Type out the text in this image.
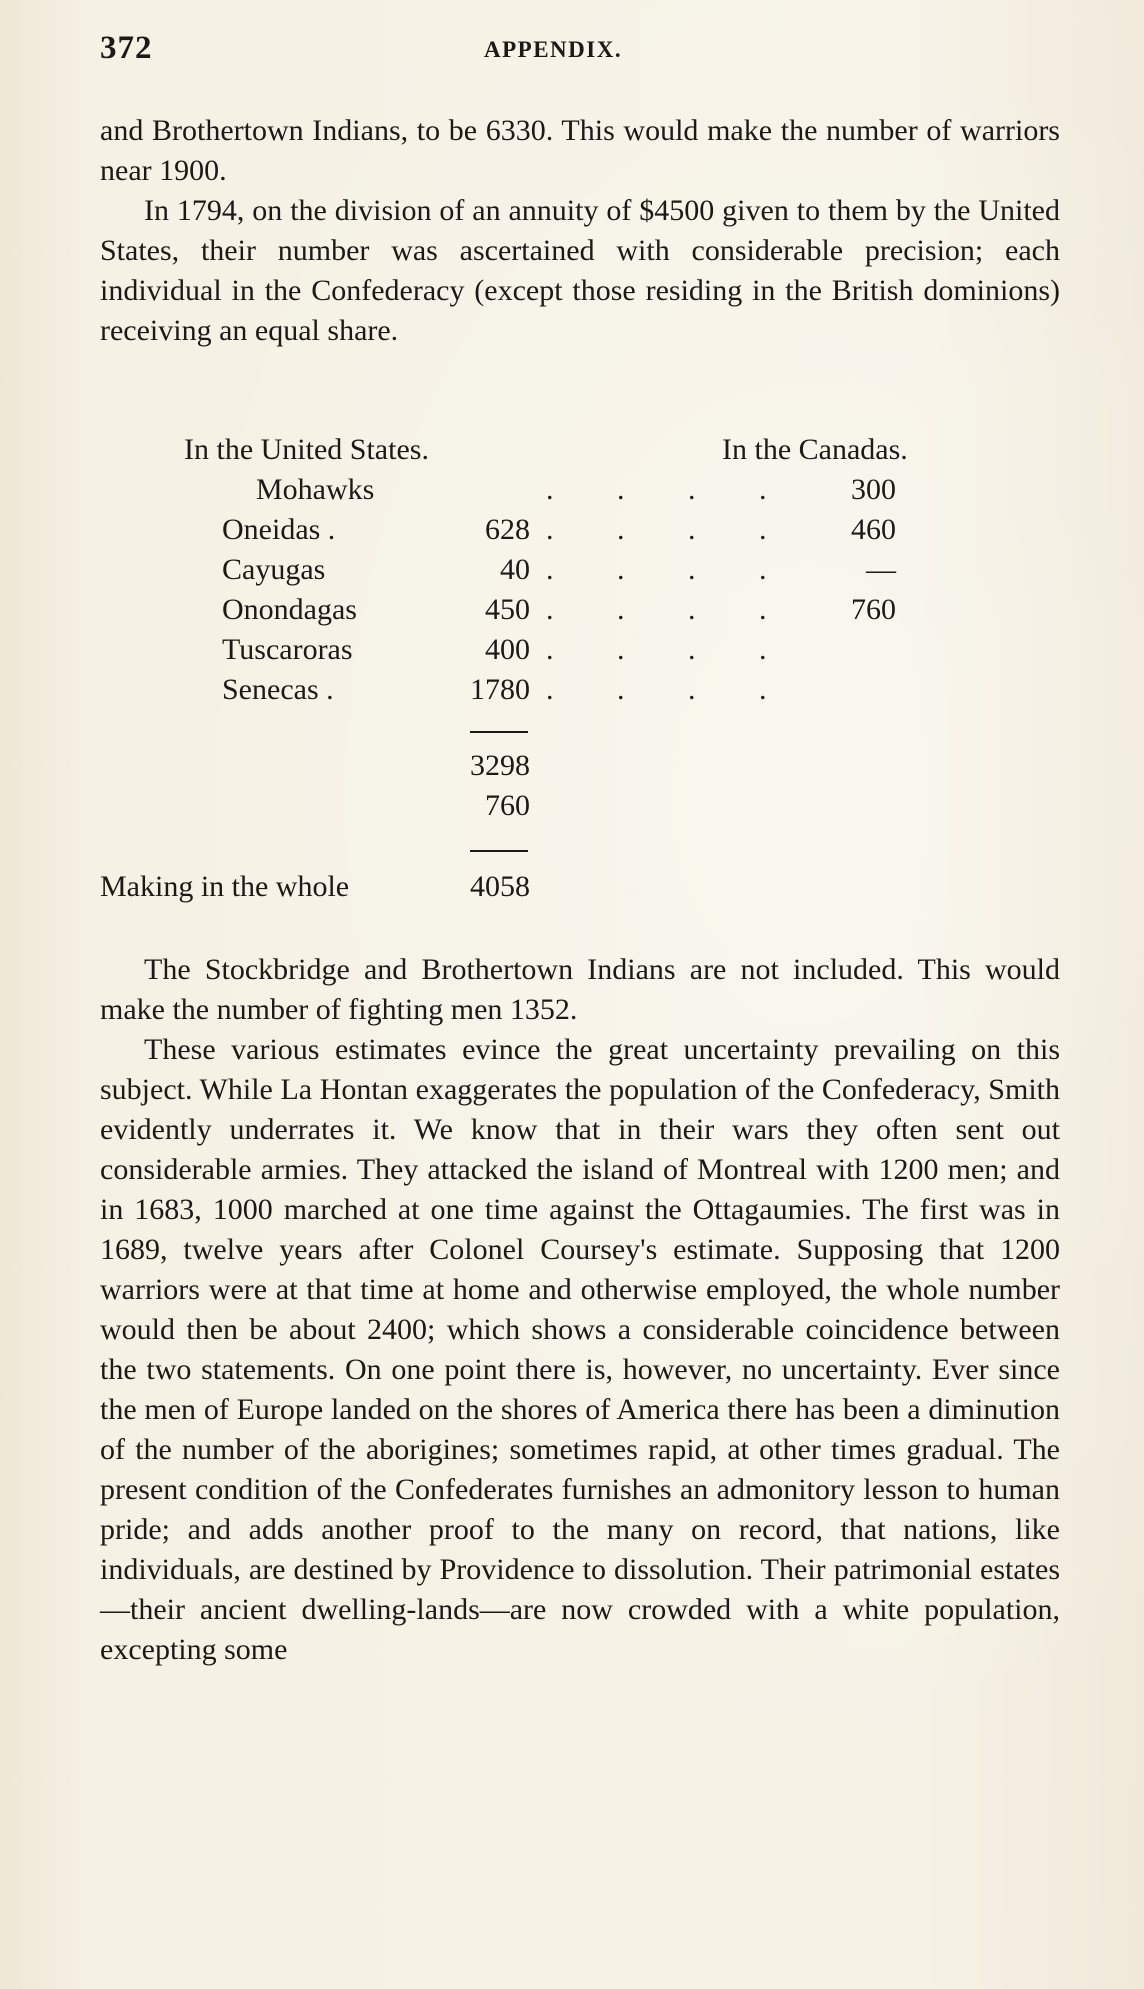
372	APPENDIX.

and Brothertown Indians, to be 6330. This would make the number of warriors near 1900.

In 1794, on the division of an annuity of $4500 given to them by the United States, their number was ascertained with considerable precision; each individual in the Confederacy (except those residing in the British dominions) receiving an equal share.

In the United States.	In the Canadas.
Mohawks	. . . . 300
Oneidas .	628 . . . . 460
Cayugas	40 . . . . —
Onondagas	450 . . . . 760
Tuscaroras	400 . . . .
Senecas .	1780 . . . .
3298
760
Making in the whole	4058

The Stockbridge and Brothertown Indians are not included. This would make the number of fighting men 1352.

These various estimates evince the great uncertainty prevailing on this subject. While La Hontan exaggerates the population of the Confederacy, Smith evidently underrates it. We know that in their wars they often sent out considerable armies. They attacked the island of Montreal with 1200 men; and in 1683, 1000 marched at one time against the Ottagaumies. The first was in 1689, twelve years after Colonel Coursey's estimate. Supposing that 1200 warriors were at that time at home and otherwise employed, the whole number would then be about 2400; which shows a considerable coincidence between the two statements. On one point there is, however, no uncertainty. Ever since the men of Europe landed on the shores of America there has been a diminution of the number of the aborigines; sometimes rapid, at other times gradual. The present condition of the Confederates furnishes an admonitory lesson to human pride; and adds another proof to the many on record, that nations, like individuals, are destined by Providence to dissolution. Their patrimonial estates—their ancient dwelling-lands—are now crowded with a white population, excepting some
